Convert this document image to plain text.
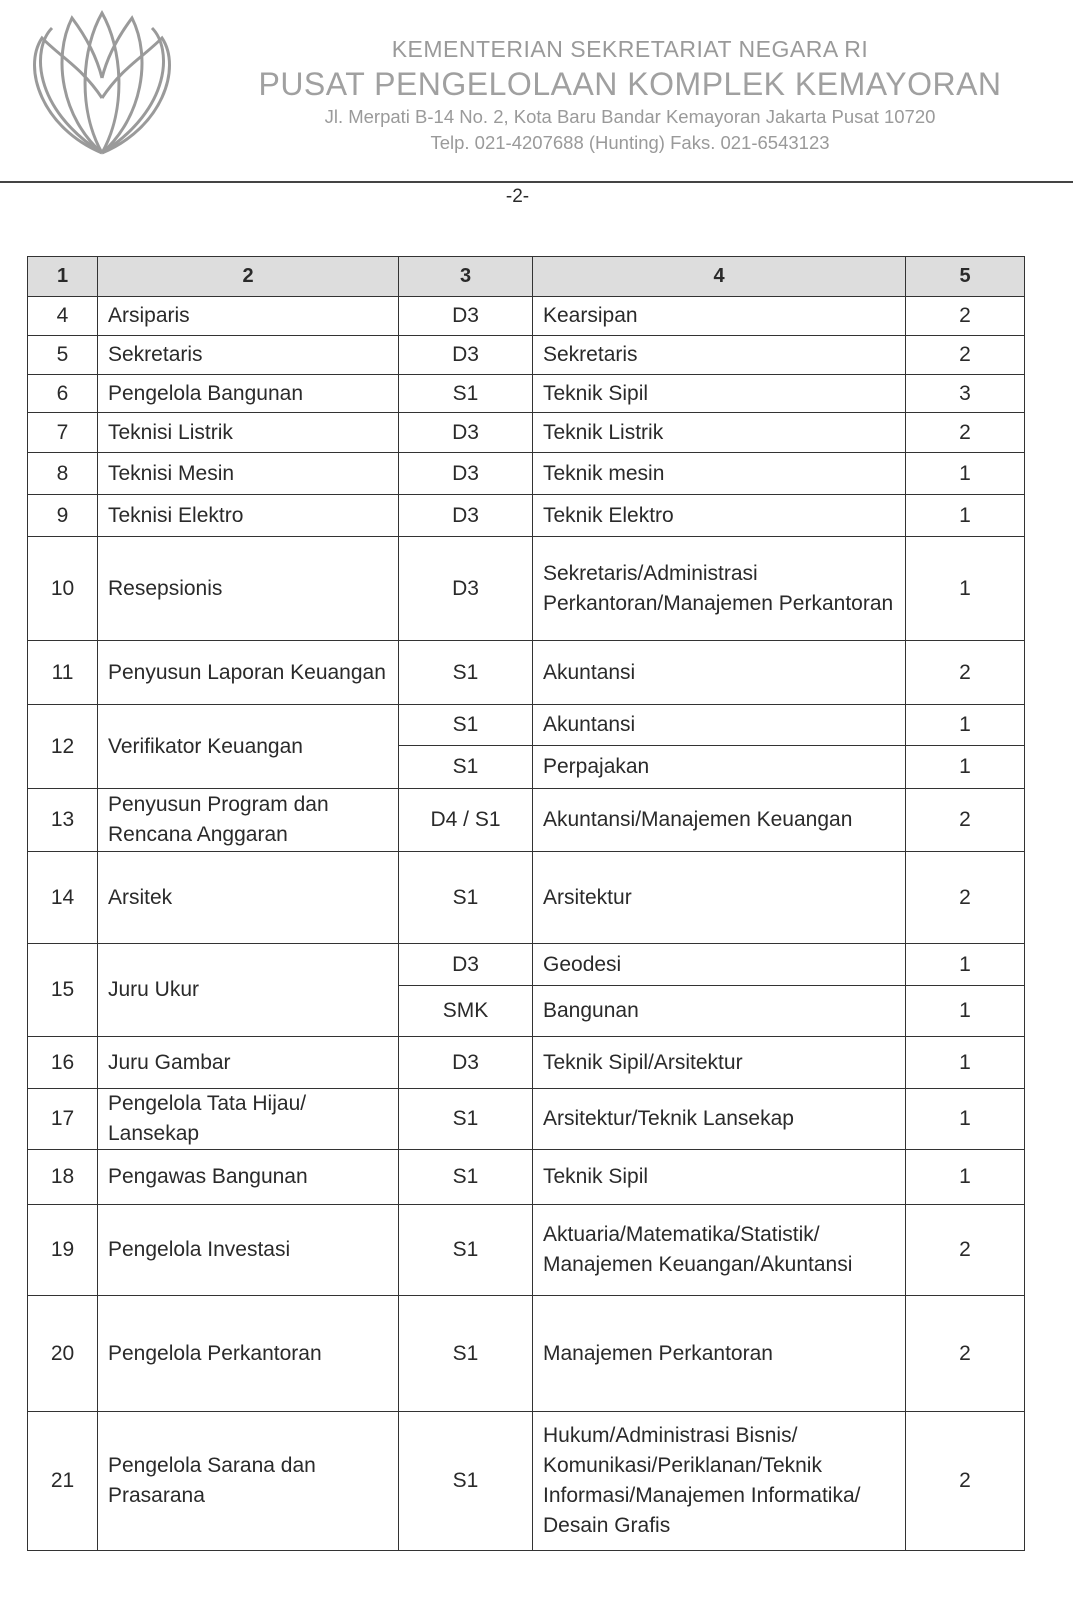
KEMENTERIAN SEKRETARIAT NEGARA RI
PUSAT PENGELOLAAN KOMPLEK KEMAYORAN
Jl. Merpati B-14 No. 2, Kota Baru Bandar Kemayoran Jakarta Pusat 10720
Telp. 021-4207688 (Hunting) Faks. 021-6543123
-2-
1	2	3	4	5
4	Arsiparis	D3	Kearsipan	2
5	Sekretaris	D3	Sekretaris	2
6	Pengelola Bangunan	S1	Teknik Sipil	3
7	Teknisi Listrik	D3	Teknik Listrik	2
8	Teknisi Mesin	D3	Teknik mesin	1
9	Teknisi Elektro	D3	Teknik Elektro	1
10	Resepsionis	D3	Sekretaris/Administrasi Perkantoran/Manajemen Perkantoran	1
11	Penyusun Laporan Keuangan	S1	Akuntansi	2
12	Verifikator Keuangan	S1	Akuntansi	1
		S1	Perpajakan	1
13	Penyusun Program dan Rencana Anggaran	D4 / S1	Akuntansi/Manajemen Keuangan	2
14	Arsitek	S1	Arsitektur	2
15	Juru Ukur	D3	Geodesi	1
		SMK	Bangunan	1
16	Juru Gambar	D3	Teknik Sipil/Arsitektur	1
17	Pengelola Tata Hijau/ Lansekap	S1	Arsitektur/Teknik Lansekap	1
18	Pengawas Bangunan	S1	Teknik Sipil	1
19	Pengelola Investasi	S1	Aktuaria/Matematika/Statistik/ Manajemen Keuangan/Akuntansi	2
20	Pengelola Perkantoran	S1	Manajemen Perkantoran	2
21	Pengelola Sarana dan Prasarana	S1	Hukum/Administrasi Bisnis/ Komunikasi/Periklanan/Teknik Informasi/Manajemen Informatika/ Desain Grafis	2
